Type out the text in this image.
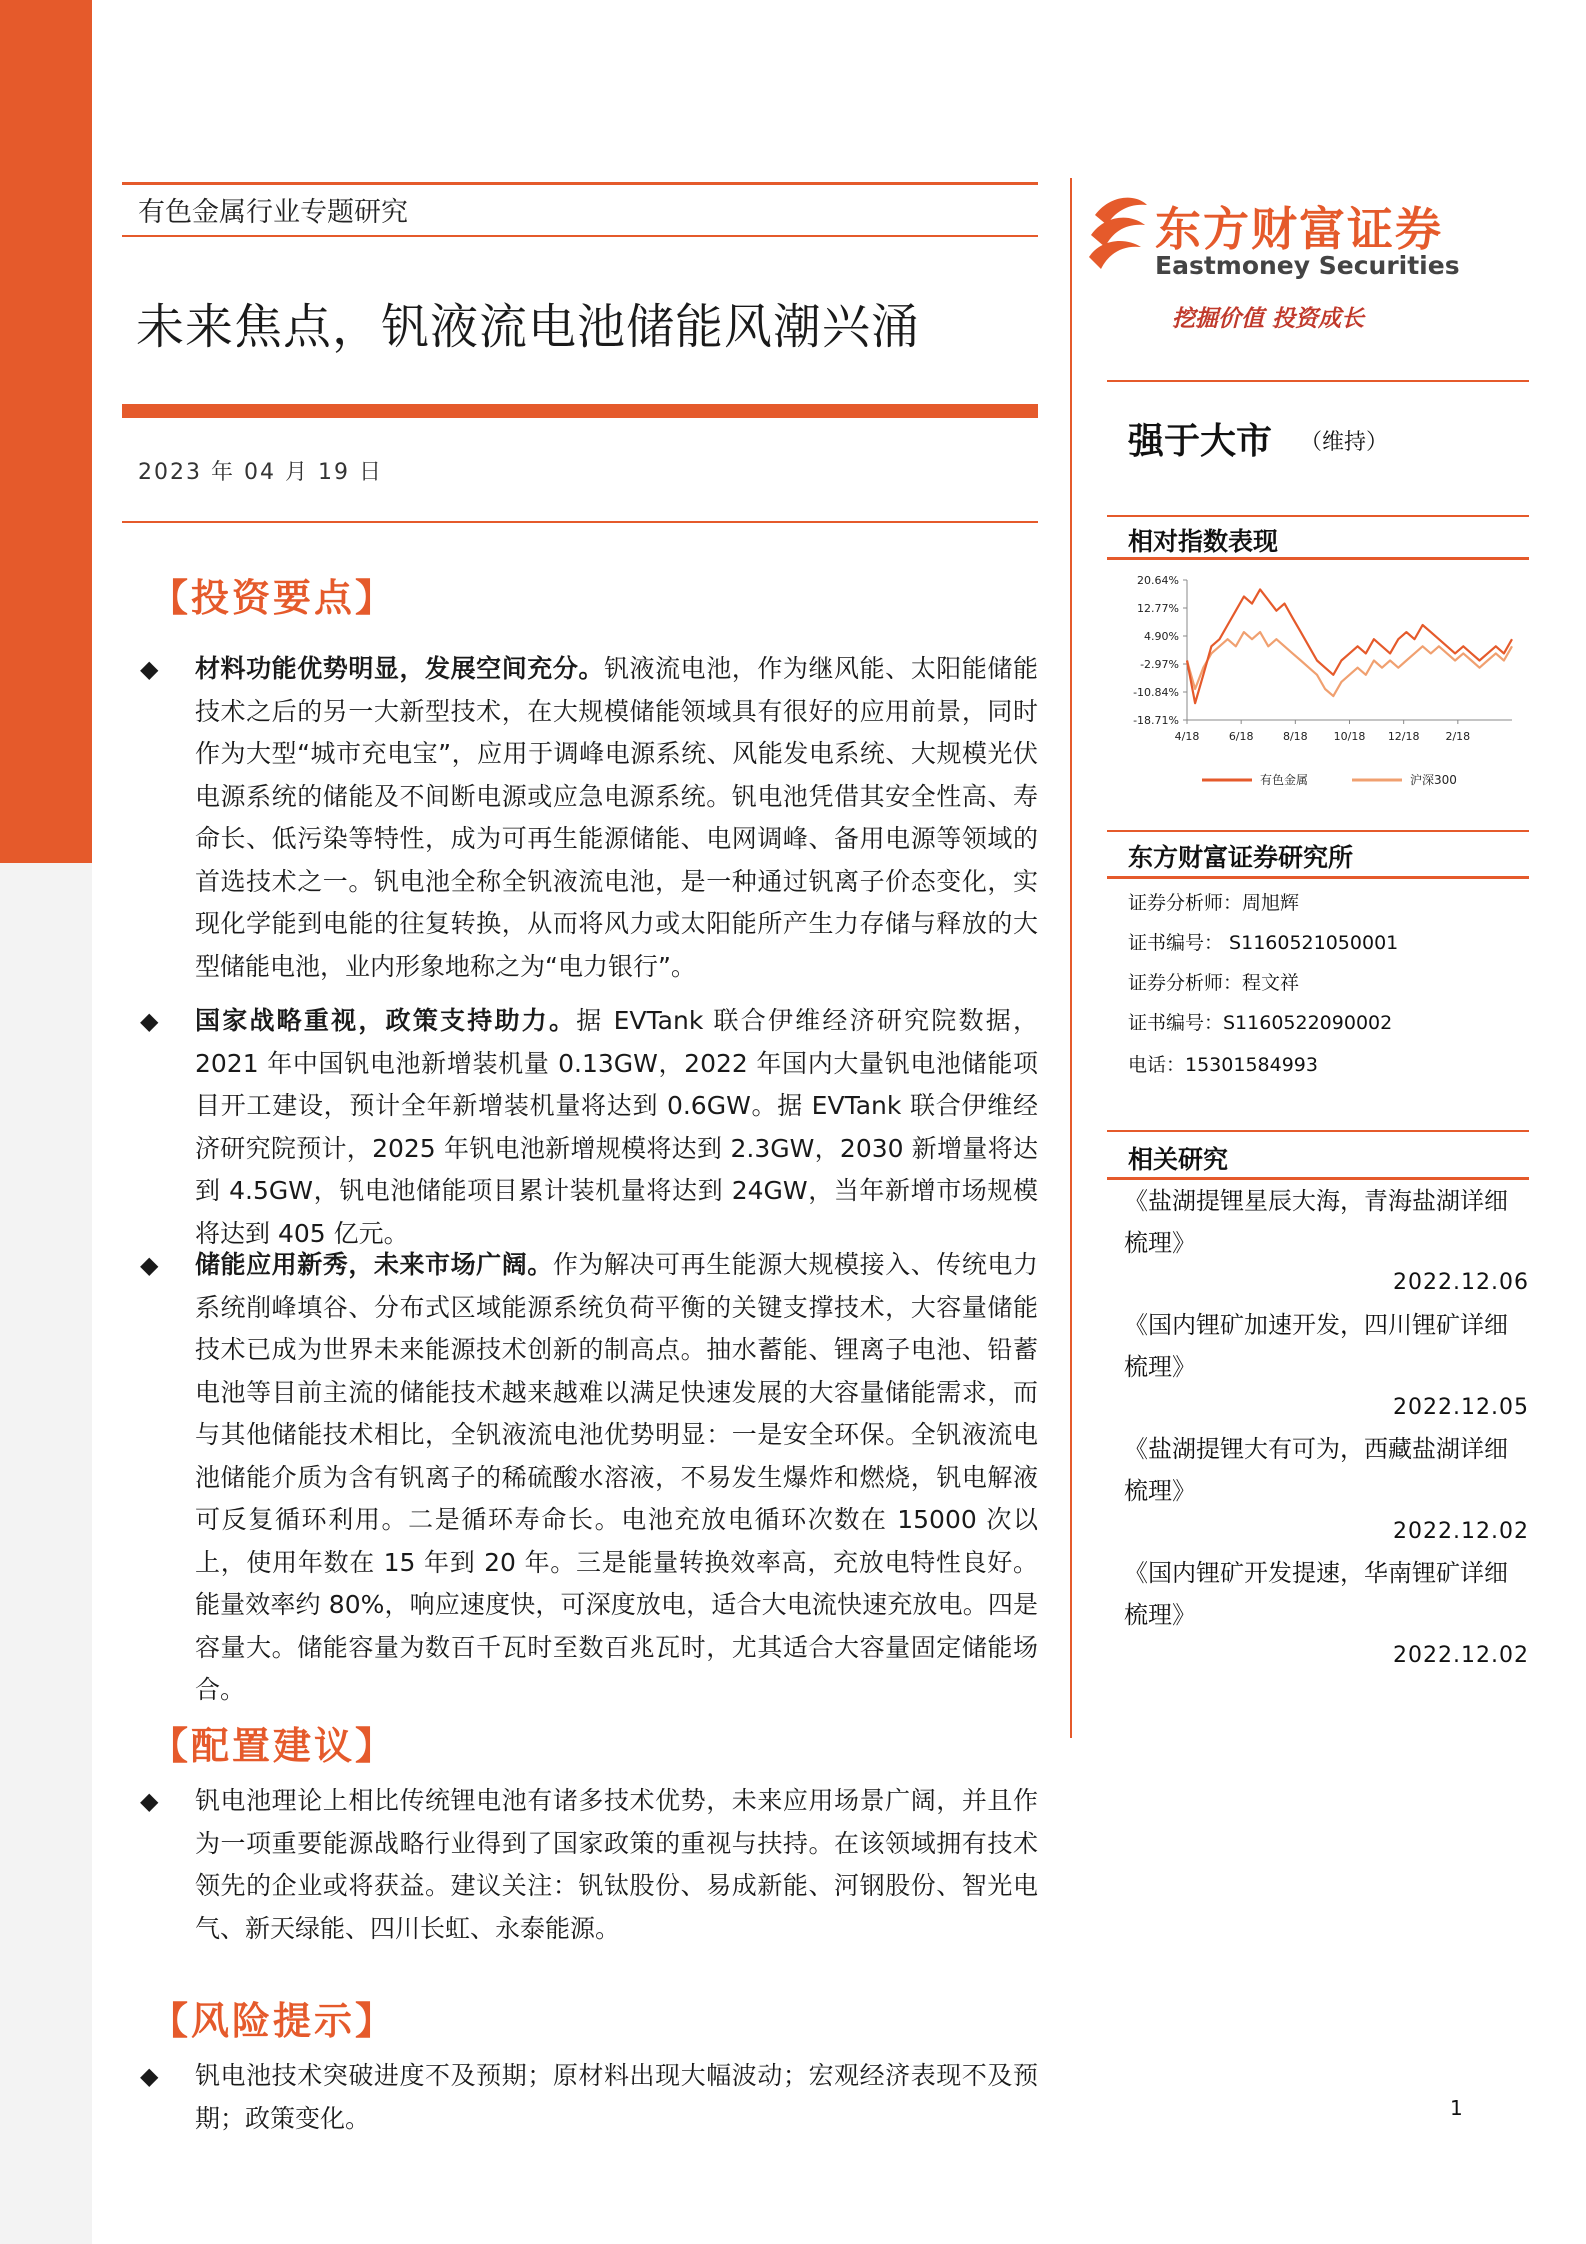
行业研究 / 有色金属/ 证券研究报告 有色金属行业专题研究
未来焦点，钒液流电池储能风潮兴涌
2023 年 04 月 19 日
【投资要点】
◆ 材料功能优势明显，发展空间充分。钒液流电池，作为继风能、太阳能储能技术之后的另一大新型技术，在大规模储能领域具有很好的应用前景，同时作为大型“城市充电宝”，应用于调峰电源系统、风能发电系统、大规模光伏电源系统的储能及不间断电源或应急电源系统。钒电池凭借其安全性高、寿命长、低污染等特性，成为可再生能源储能、电网调峰、备用电源等领域的首选技术之一。钒电池全称全钒液流电池，是一种通过钒离子价态变化，实现化学能到电能的往复转换，从而将风力或太阳能所产生力存储与释放的大型储能电池，业内形象地称之为“电力银行”。
◆ 国家战略重视，政策支持助力。据 EVTank 联合伊维经济研究院数据，2021 年中国钒电池新增装机量 0.13GW，2022 年国内大量钒电池储能项目开工建设，预计全年新增装机量将达到 0.6GW。据 EVTank 联合伊维经济研究院预计，2025 年钒电池新增规模将达到 2.3GW，2030 新增量将达到 4.5GW，钒电池储能项目累计装机量将达到 24GW，当年新增市场规模将达到 405 亿元。
◆ 储能应用新秀，未来市场广阔。作为解决可再生能源大规模接入、传统电力系统削峰填谷、分布式区域能源系统负荷平衡的关键支撑技术，大容量储能技术已成为世界未来能源技术创新的制高点。抽水蓄能、锂离子电池、铅蓄电池等目前主流的储能技术越来越难以满足快速发展的大容量储能需求，而与其他储能技术相比，全钒液流电池优势明显：一是安全环保。全钒液流电池储能介质为含有钒离子的稀硫酸水溶液，不易发生爆炸和燃烧，钒电解液可反复循环利用。二是循环寿命长。电池充放电循环次数在 15000 次以上，使用年数在 15 年到 20 年。三是能量转换效率高，充放电特性良好。能量效率约 80%，响应速度快，可深度放电，适合大电流快速充放电。四是容量大。储能容量为数百千瓦时至数百兆瓦时，尤其适合大容量固定储能场合。
【配置建议】
◆ 钒电池理论上相比传统锂电池有诸多技术优势，未来应用场景广阔，并且作为一项重要能源战略行业得到了国家政策的重视与扶持。在该领域拥有技术领先的企业或将获益。建议关注：钒钛股份、易成新能、河钢股份、智光电气、新天绿能、四川长虹、永泰能源。
【风险提示】
◆ 钒电池技术突破进度不及预期；原材料出现大幅波动；宏观经济表现不及预期；政策变化。
东方财富证券
Eastmoney Securities
挖掘价值 投资成长
强于大市 （维持）
相对指数表现
20.64%
12.77%
4.90%
-2.97%
-10.84%
-18.71%
4/18	6/18	8/18 10/18 12/18 2/18
有色金属	沪深300
东方财富证券研究所
证券分析师：周旭辉
证书编号： S1160521050001
证券分析师：程文祥
证书编号：S1160522090002
电话：15301584993
相关研究
《盐湖提锂星辰大海，青海盐湖详细梳理》
2022.12.06
《国内锂矿加速开发，四川锂矿详细梳理》
2022.12.05
《盐湖提锂大有可为，西藏盐湖详细梳理》
2022.12.02
《国内锂矿开发提速，华南锂矿详细梳理》
2022.12.02
1
